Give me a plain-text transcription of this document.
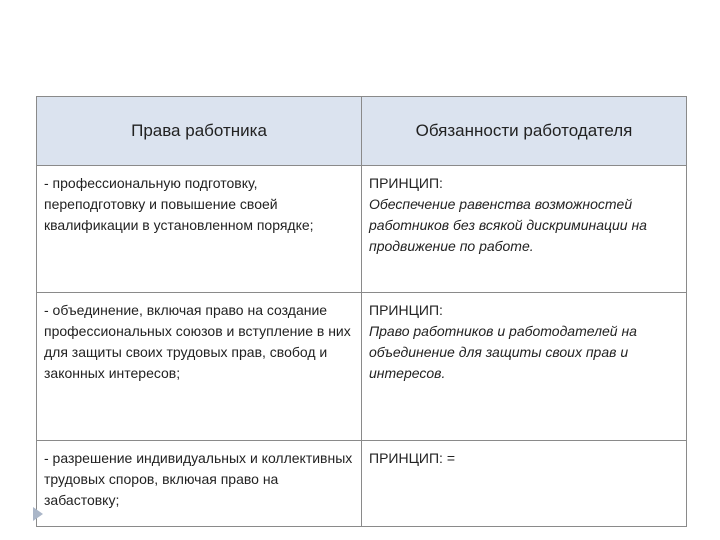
Права работника	Обязанности работодателя
- профессиональную подготовку, переподготовку и повышение своей квалификации в установленном порядке;	ПРИНЦИП:
Обеспечение равенства возможностей работников без всякой дискриминации на продвижение по работе.

- объединение, включая право на создание профессиональных союзов и вступление в них для защиты своих трудовых прав, свобод и законных интересов;	ПРИНЦИП:
Право работников и работодателей на объединение для защиты своих прав и интересов.

- разрешение индивидуальных и коллективных трудовых споров, включая право на забастовку;	ПРИНЦИП: =
